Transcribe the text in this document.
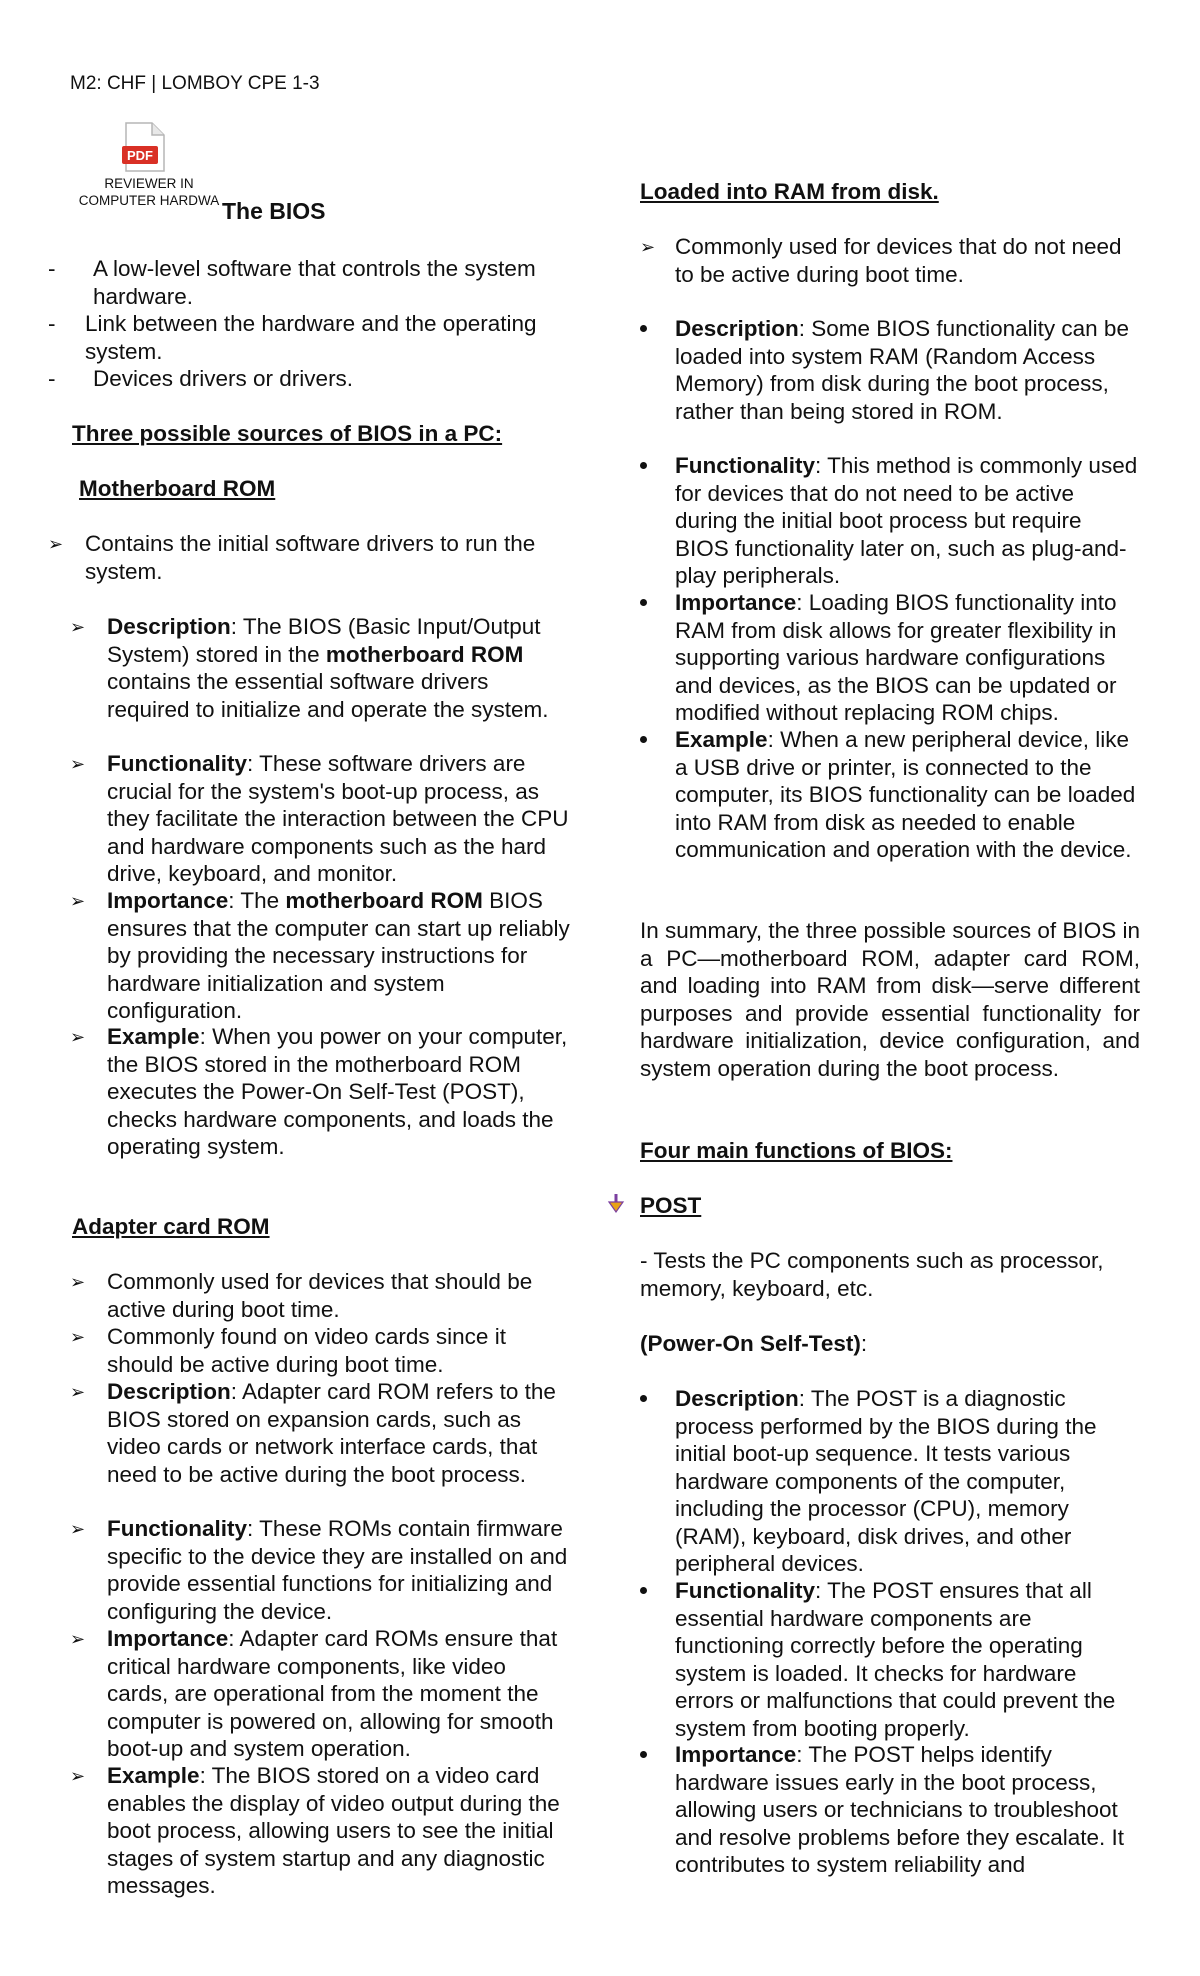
M2: CHF | LOMBOY CPE 1-3
PDF
REVIEWER IN
COMPUTER HARDWA The BIOS
-	A low-level software that controls the system hardware.
- Link between the hardware and the operating system.
-	Devices drivers or drivers.
Three possible sources of BIOS in a PC:
Motherboard ROM
➢ Contains the initial software drivers to run the system.
➢ Description: The BIOS (Basic Input/Output System) stored in the motherboard ROM contains the essential software drivers required to initialize and operate the system.
➢ Functionality: These software drivers are crucial for the system's boot-up process, as they facilitate the interaction between the CPU and hardware components such as the hard drive, keyboard, and monitor.
➢ Importance: The motherboard ROM BIOS ensures that the computer can start up reliably by providing the necessary instructions for hardware initialization and system configuration.
➢ Example: When you power on your computer, the BIOS stored in the motherboard ROM executes the Power-On Self-Test (POST), checks hardware components, and loads the operating system.
Adapter card ROM
➢ Commonly used for devices that should be active during boot time.
➢ Commonly found on video cards since it should be active during boot time.
➢ Description: Adapter card ROM refers to the BIOS stored on expansion cards, such as video cards or network interface cards, that need to be active during the boot process.
➢ Functionality: These ROMs contain firmware specific to the device they are installed on and provide essential functions for initializing and configuring the device.
➢ Importance: Adapter card ROMs ensure that critical hardware components, like video cards, are operational from the moment the computer is powered on, allowing for smooth boot-up and system operation.
➢ Example: The BIOS stored on a video card enables the display of video output during the boot process, allowing users to see the initial stages of system startup and any diagnostic messages.
Loaded into RAM from disk.
➢ Commonly used for devices that do not need to be active during boot time.
Description: Some BIOS functionality can be loaded into system RAM (Random Access Memory) from disk during the boot process, rather than being stored in ROM.
Functionality: This method is commonly used for devices that do not need to be active during the initial boot process but require BIOS functionality later on, such as plug-and-play peripherals.
Importance: Loading BIOS functionality into RAM from disk allows for greater flexibility in supporting various hardware configurations and devices, as the BIOS can be updated or modified without replacing ROM chips.
Example: When a new peripheral device, like a USB drive or printer, is connected to the computer, its BIOS functionality can be loaded into RAM from disk as needed to enable communication and operation with the device.
In summary, the three possible sources of BIOS in a PC—motherboard ROM, adapter card ROM, and loading into RAM from disk—serve different purposes and provide essential functionality for hardware initialization, device configuration, and system operation during the boot process.
Four main functions of BIOS:
POST
- Tests the PC components such as processor, memory, keyboard, etc.
(Power-On Self-Test):
Description: The POST is a diagnostic process performed by the BIOS during the initial boot-up sequence. It tests various hardware components of the computer, including the processor (CPU), memory (RAM), keyboard, disk drives, and other peripheral devices.
Functionality: The POST ensures that all essential hardware components are functioning correctly before the operating system is loaded. It checks for hardware errors or malfunctions that could prevent the system from booting properly.
Importance: The POST helps identify hardware issues early in the boot process, allowing users or technicians to troubleshoot and resolve problems before they escalate. It contributes to system reliability and
